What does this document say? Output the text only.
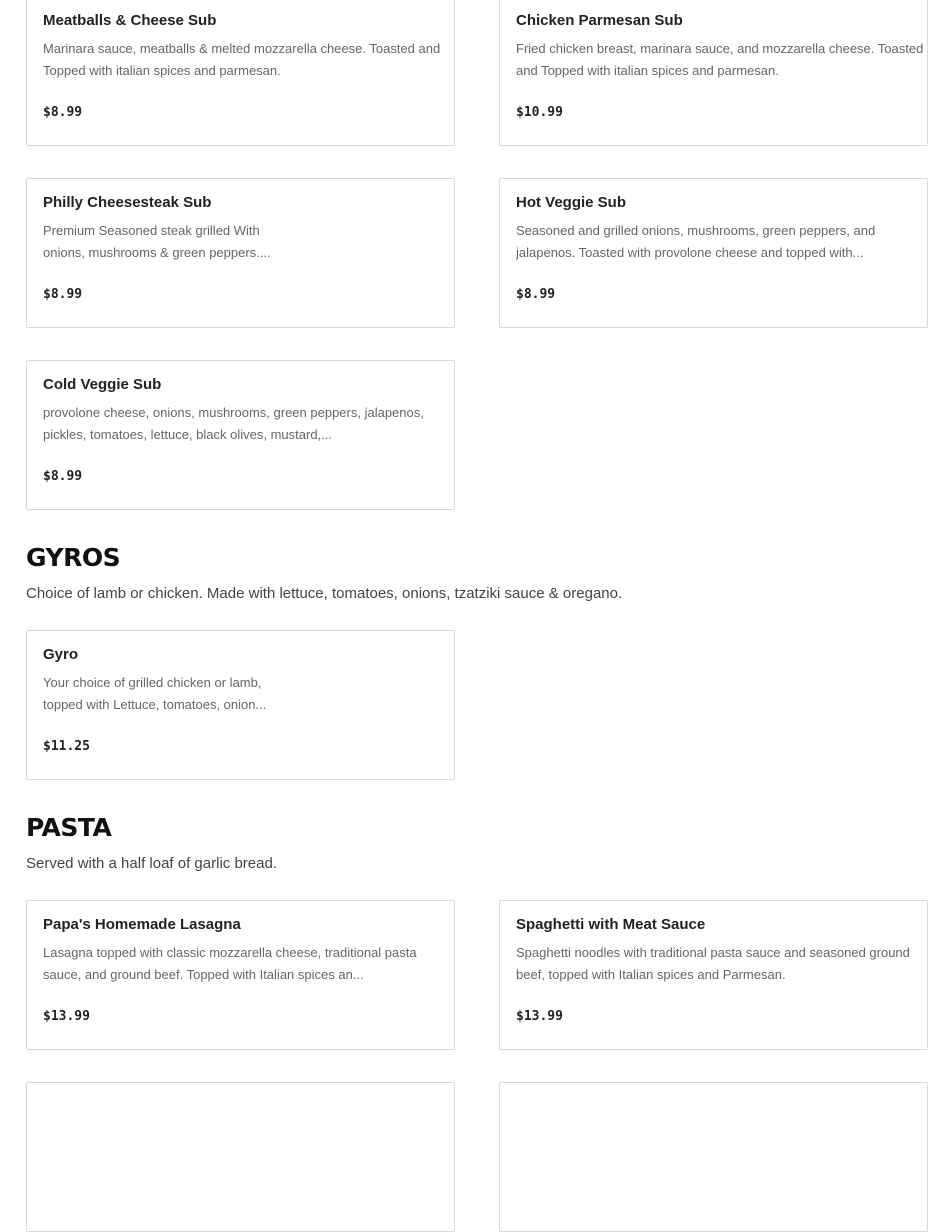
Meatballs & Cheese Sub
Marinara sauce, meatballs & melted mozzarella cheese. Toasted and Topped with italian spices and parmesan.
$8.99
Chicken Parmesan Sub
Fried chicken breast, marinara sauce, and mozzarella cheese. Toasted and Topped with italian spices and parmesan.
$10.99
Philly Cheesesteak Sub
Premium Seasoned steak grilled With onions, mushrooms & green peppers....
$8.99
Hot Veggie Sub
Seasoned and grilled onions, mushrooms, green peppers, and jalapenos. Toasted with provolone cheese and topped with...
$8.99
Cold Veggie Sub
provolone cheese, onions, mushrooms, green peppers, jalapenos, pickles, tomatoes, lettuce, black olives, mustard,...
$8.99
GYROS

Choice of lamb or chicken. Made with lettuce, tomatoes, onions, tzatziki sauce & oregano.

Gyro
Your choice of grilled chicken or lamb, topped with Lettuce, tomatoes, onion...
$11.25
PASTA

Served with a half loaf of garlic bread.

Papa's Homemade Lasagna
Lasagna topped with classic mozzarella cheese, traditional pasta sauce, and ground beef. Topped with Italian spices an...
$13.99
Spaghetti with Meat Sauce
Spaghetti noodles with traditional pasta sauce and seasoned ground beef, topped with Italian spices and Parmesan.
$13.99
